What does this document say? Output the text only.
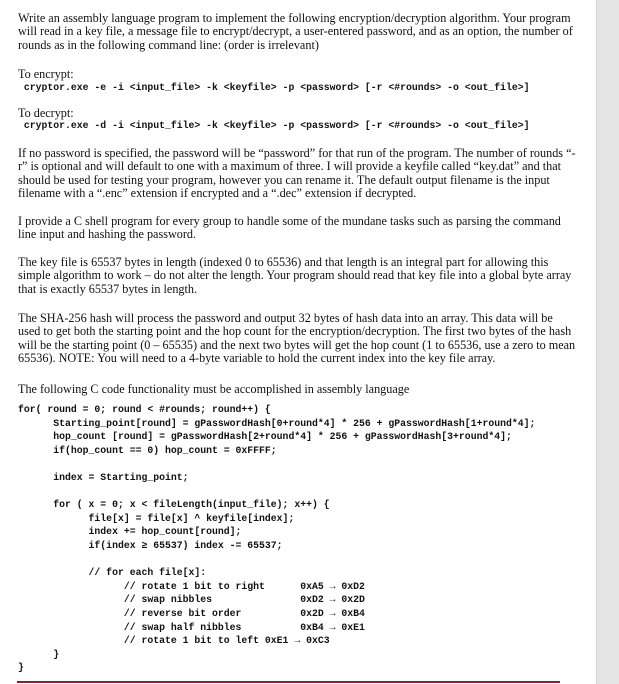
Write an assembly language program to implement the following encryption/decryption algorithm. Your program will read in a key file, a message file to encrypt/decrypt, a user-entered password, and as an option, the number of rounds as in the following command line: (order is irrelevant)

To encrypt:

cryptor.exe -e -i <input_file> -k <keyfile> -p <password> [-r <#rounds> -o <out_file>]

To decrypt:

cryptor.exe -d -i <input_file> -k <keyfile> -p <password> [-r <#rounds> -o <out_file>]

If no password is specified, the password will be “password” for that run of the program. The number of rounds “-r” is optional and will default to one with a maximum of three. I will provide a keyfile called “key.dat” and that should be used for testing your program, however you can rename it. The default output filename is the input filename with a “.enc” extension if encrypted and a “.dec” extension if decrypted.

I provide a C shell program for every group to handle some of the mundane tasks such as parsing the command line input and hashing the password.

The key file is 65537 bytes in length (indexed 0 to 65536) and that length is an integral part for allowing this simple algorithm to work – do not alter the length. Your program should read that key file into a global byte array that is exactly 65537 bytes in length.

The SHA-256 hash will process the password and output 32 bytes of hash data into an array. This data will be used to get both the starting point and the hop count for the encryption/decryption. The first two bytes of the hash will be the starting point (0 – 65535) and the next two bytes will get the hop count (1 to 65536, use a zero to mean 65536). NOTE: You will need to a 4-byte variable to hold the current index into the key file array.

The following C code functionality must be accomplished in assembly language

for( round = 0; round < #rounds; round++) {
Starting_point[round] = gPasswordHash[0+round*4] * 256 + gPasswordHash[1+round*4];
hop_count [round] = gPasswordHash[2+round*4] * 256 + gPasswordHash[3+round*4];
if(hop_count == 0) hop_count = 0xFFFF;
index = Starting_point;
for ( x = 0; x < fileLength(input_file); x++) {
file[x] = file[x] ^ keyfile[index];
index += hop_count[round];
if(index ≥ 65537) index -= 65537;
// for each file[x]:
// rotate 1 bit to right      0xA5 → 0xD2
// swap nibbles               0xD2 → 0x2D
// reverse bit order          0x2D → 0xB4
// swap half nibbles          0xB4 → 0xE1
// rotate 1 bit to left 0xE1 → 0xC3
}
}
